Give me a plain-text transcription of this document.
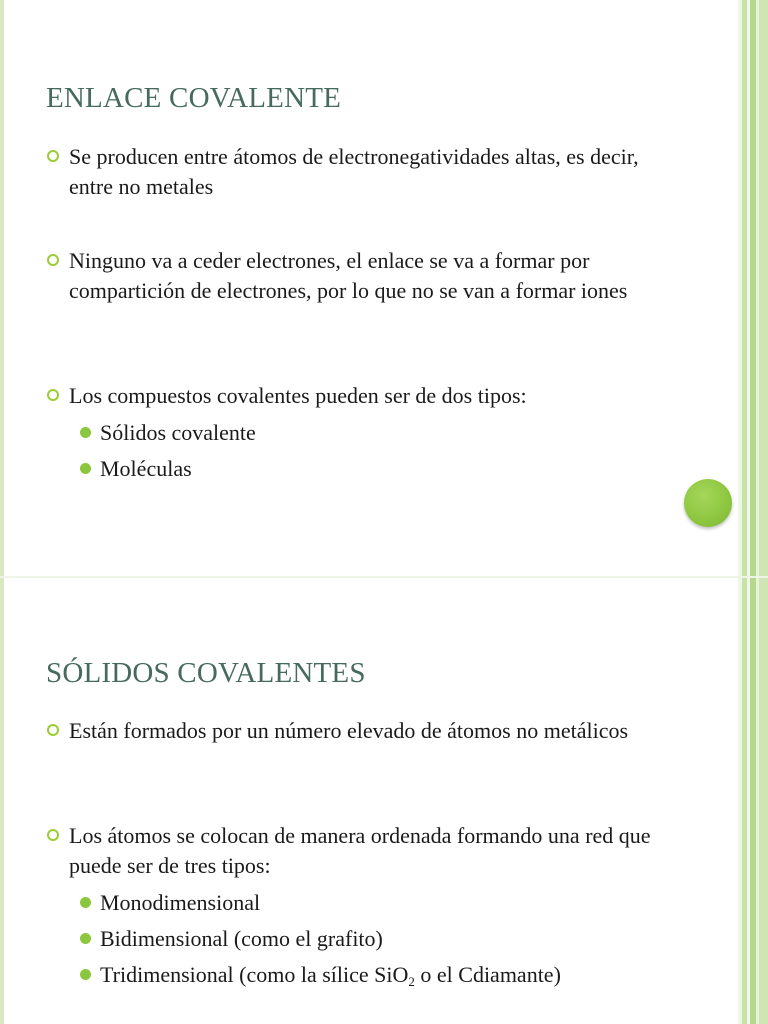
ENLACE COVALENTE
Se producen entre átomos de electronegatividades altas, es decir, entre no metales
Ninguno va a ceder electrones, el enlace se va a formar por compartición de electrones, por lo que no se van a formar iones
Los compuestos covalentes pueden ser de dos tipos:
Sólidos covalente
Moléculas
SÓLIDOS COVALENTES
Están formados por un número elevado de átomos no metálicos
Los átomos se colocan de manera ordenada formando una red que puede ser de tres tipos:
Monodimensional
Bidimensional (como el grafito)
Tridimensional (como la sílice SiO$_2$ o el Cdiamante)
